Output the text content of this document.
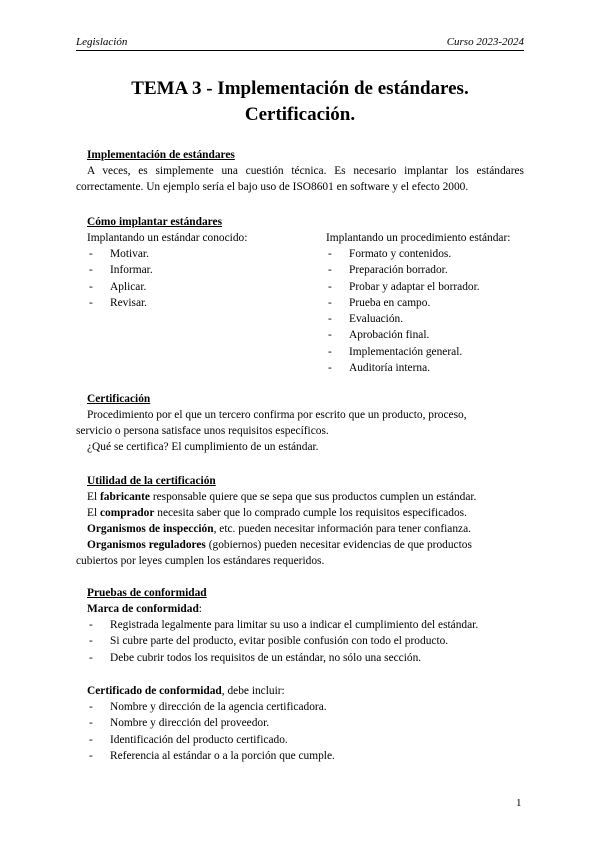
Legislación	Curso 2023-2024
TEMA 3 - Implementación de estándares.
Certificación.
Implementación de estándares
A veces, es simplemente una cuestión técnica. Es necesario implantar los estándares correctamente. Un ejemplo sería el bajo uso de ISO8601 en software y el efecto 2000.
Cómo implantar estándares
Implantando un estándar conocido:
- Motivar.
- Informar.
- Aplicar.
- Revisar.
Implantando un procedimiento estándar:
- Formato y contenidos.
- Preparación borrador.
- Probar y adaptar el borrador.
- Prueba en campo.
- Evaluación.
- Aprobación final.
- Implementación general.
- Auditoría interna.
Certificación
Procedimiento por el que un tercero confirma por escrito que un producto, proceso, servicio o persona satisface unos requisitos específicos.
¿Qué se certifica? El cumplimiento de un estándar.
Utilidad de la certificación
El fabricante responsable quiere que se sepa que sus productos cumplen un estándar.
El comprador necesita saber que lo comprado cumple los requisitos especificados.
Organismos de inspección, etc. pueden necesitar información para tener confianza.
Organismos reguladores (gobiernos) pueden necesitar evidencias de que productos cubiertos por leyes cumplen los estándares requeridos.
Pruebas de conformidad
Marca de conformidad:
- Registrada legalmente para limitar su uso a indicar el cumplimiento del estándar.
- Si cubre parte del producto, evitar posible confusión con todo el producto.
- Debe cubrir todos los requisitos de un estándar, no sólo una sección.
Certificado de conformidad, debe incluir:
- Nombre y dirección de la agencia certificadora.
- Nombre y dirección del proveedor.
- Identificación del producto certificado.
- Referencia al estándar o a la porción que cumple.
1
